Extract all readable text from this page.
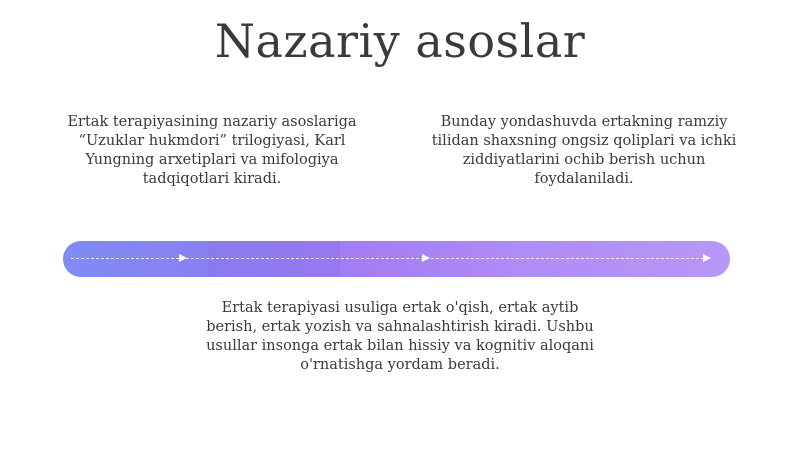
Nazariy asoslar
Ertak terapiyasining nazariy asoslariga “Uzuklar hukmdori” trilogiyasi, Karl Yungning arxetiplari va mifologiya tadqiqotlari kiradi.
Bunday yondashuvda ertakning ramziy tilidan shaxsning ongsiz qoliplari va ichki ziddiyatlarini ochib berish uchun foydalaniladi.
Ertak terapiyasi usuliga ertak o'qish, ertak aytib berish, ertak yozish va sahnalashtirish kiradi. Ushbu usullar insonga ertak bilan hissiy va kognitiv aloqani o'rnatishga yordam beradi.
